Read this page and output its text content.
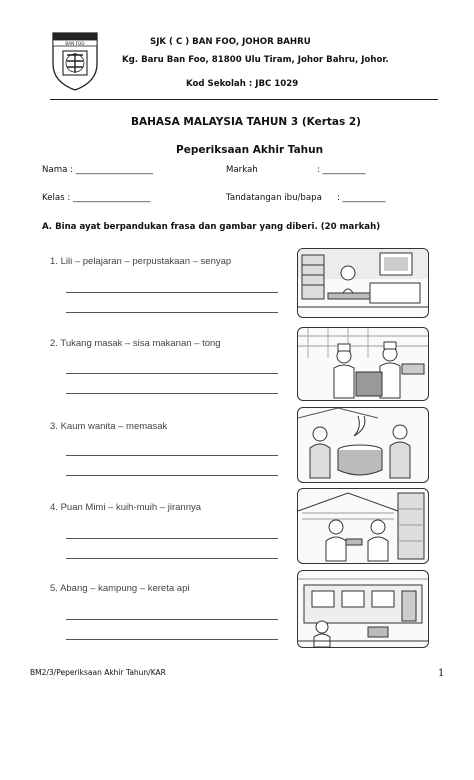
BAN FOO	SJK ( C ) BAN FOO, JOHOR BAHRU
Kg. Baru Ban Foo, 81800 Ulu Tiram, Johor Bahru, Johor.
Kod Sekolah : JBC 1029
BAHASA MALAYSIA TAHUN 3 (Kertas 2)
Peperiksaan Akhir Tahun
Nama : __________________	Markah	: __________
Kelas : __________________	Tandatangan ibu/bapa : __________
A. Bina ayat berpandukan frasa dan gambar yang diberi. (20 markah)
1. Lili – pelajaran – perpustakaan – senyap
2. Tukang masak – sisa makanan – tong
3. Kaum wanita – memasak
4. Puan Mimi – kuih-muih – jirannya
5. Abang – kampung – kereta api
BM2/3/Peperiksaan Akhir Tahun/KAR	1
